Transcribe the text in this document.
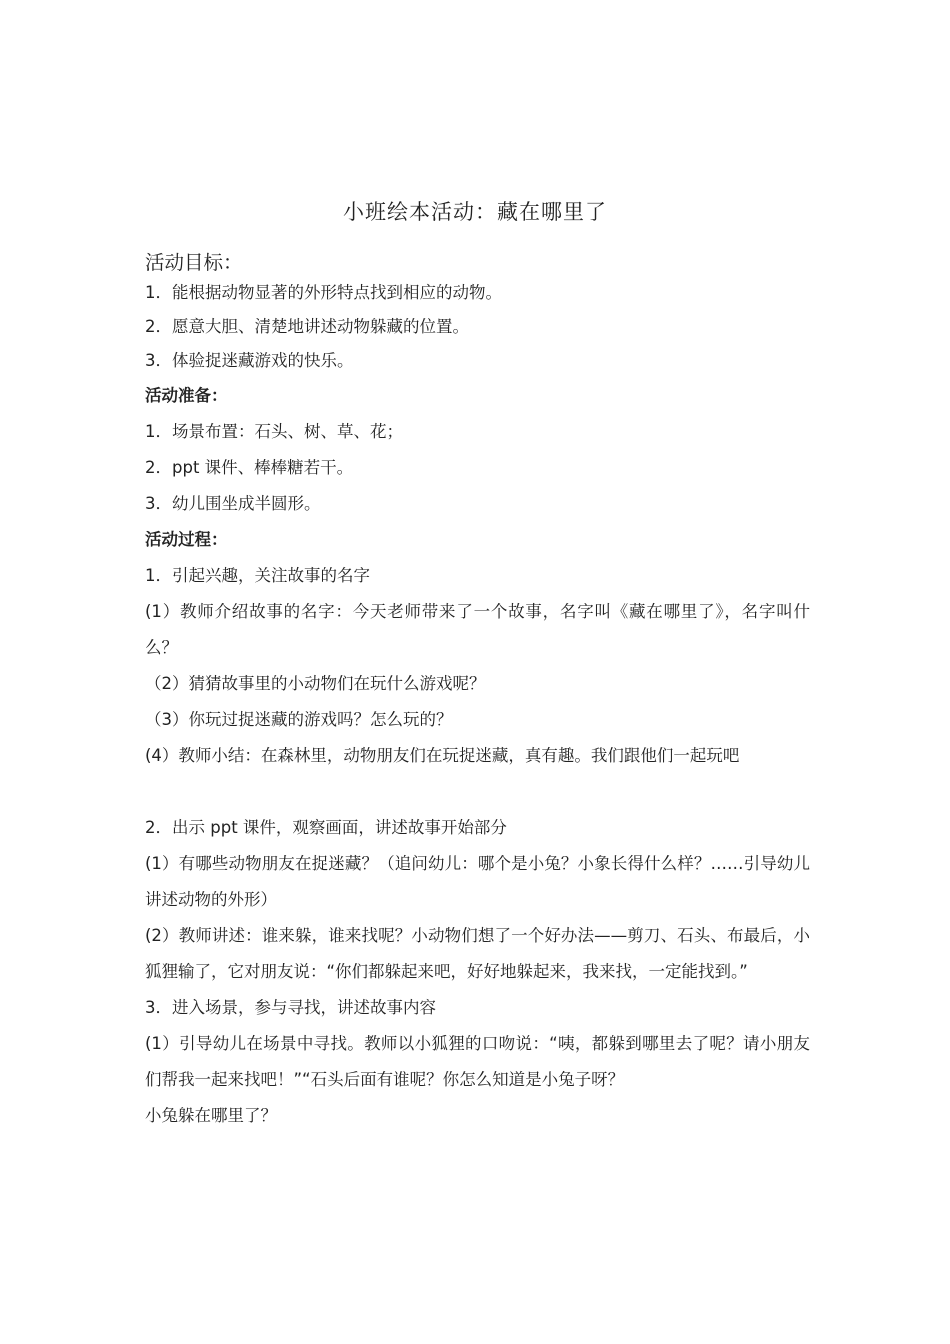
小班绘本活动：藏在哪里了
活动目标：
1．能根据动物显著的外形特点找到相应的动物。
2．愿意大胆、清楚地讲述动物躲藏的位置。
3．体验捉迷藏游戏的快乐。
活动准备：
1．场景布置：石头、树、草、花；
2．ppt 课件、棒棒糖若干。
3．幼儿围坐成半圆形。
活动过程：
1．引起兴趣，关注故事的名字
(1）教师介绍故事的名字：今天老师带来了一个故事，名字叫《藏在哪里了》，名字叫什么？
（2）猜猜故事里的小动物们在玩什么游戏呢？
（3）你玩过捉迷藏的游戏吗？怎么玩的？
(4）教师小结：在森林里，动物朋友们在玩捉迷藏，真有趣。我们跟他们一起玩吧
2．出示 ppt 课件，观察画面，讲述故事开始部分
(1）有哪些动物朋友在捉迷藏？（追问幼儿：哪个是小兔？小象长得什么样？……引导幼儿讲述动物的外形）
(2）教师讲述：谁来躲，谁来找呢？小动物们想了一个好办法——剪刀、石头、布最后，小狐狸输了，它对朋友说：“你们都躲起来吧，好好地躲起来，我来找，一定能找到。”
3．进入场景，参与寻找，讲述故事内容
(1）引导幼儿在场景中寻找。教师以小狐狸的口吻说：“咦，都躲到哪里去了呢？请小朋友们帮我一起来找吧！”“石头后面有谁呢？你怎么知道是小兔子呀？
小兔躲在哪里了？
